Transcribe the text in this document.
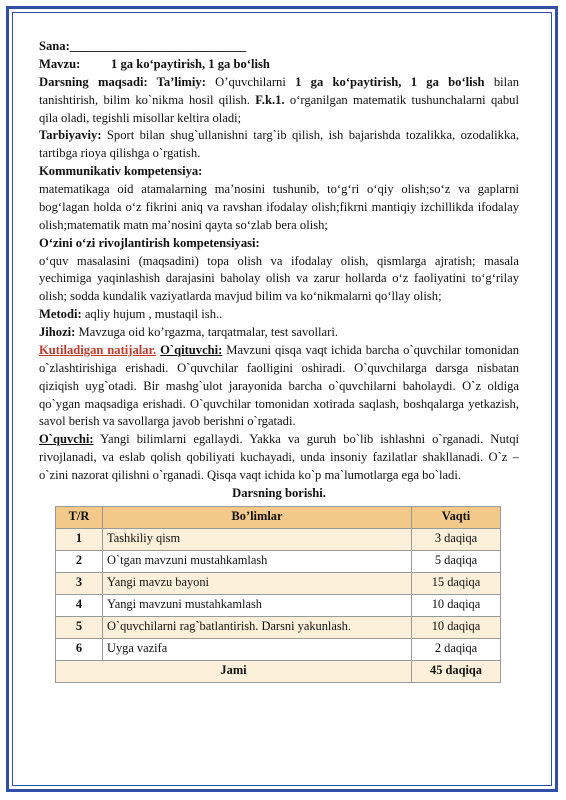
Sana:____________________________

Mavzu:	1 ga ko‘paytirish, 1 ga bo‘lish

Darsning maqsadi: Ta’limiy: O’quvchilarni 1 ga ko‘paytirish, 1 ga bo‘lish bilan tanishtirish, bilim ko`nikma hosil qilish. F.k.1. o‘rganilgan matematik tushunchalarni qabul qila oladi, tegishli misollar keltira oladi;

Tarbiyaviy: Sport bilan shug`ullanishni targ`ib qilish, ish bajarishda tozalikka, ozodalikka, tartibga rioya qilishga o`rgatish.

Kommunikativ kompetensiya:

matematikaga oid atamalarning ma’nosini tushunib, to‘g‘ri o‘qiy olish;so‘z va gaplarni bog‘lagan holda o‘z fikrini aniq va ravshan ifodalay olish;fikrni mantiqiy izchillikda ifodalay olish;matematik matn ma’nosini qayta so‘zlab bera olish;

O‘zini o‘zi rivojlantirish kompetensiyasi:

o‘quv masalasini (maqsadini) topa olish va ifodalay olish, qismlarga ajratish; masala yechimiga yaqinlashish darajasini baholay olish va zarur hollarda o‘z faoliyatini to‘g‘rilay olish; sodda kundalik vaziyatlarda mavjud bilim va ko‘nikmalarni qo‘llay olish;

Metodi: aqliy hujum , mustaqil ish..

Jihozi: Mavzuga oid ko’rgazma, tarqatmalar, test savollari.

Kutiladigan natijalar. O`qituvchi: Mavzuni qisqa vaqt ichida barcha o`quvchilar tomonidan o`zlashtirishiga erishadi. O`quvchilar faolligini oshiradi. O`quvchilarga darsga nisbatan qiziqish uyg`otadi. Bir mashg`ulot jarayonida barcha o`quvchilarni baholaydi. O`z oldiga qo`ygan maqsadiga erishadi. O`quvchilar tomonidan xotirada saqlash, boshqalarga yetkazish, savol berish va savollarga javob berishni o`rgatadi.

O`quvchi: Yangi bilimlarni egallaydi. Yakka va guruh bo`lib ishlashni o`rganadi. Nutqi rivojlanadi, va eslab qolish qobiliyati kuchayadi, unda insoniy fazilatlar shakllanadi. O`z – o`zini nazorat qilishni o`rganadi. Qisqa vaqt ichida ko`p ma`lumotlarga ega bo`ladi.

Darsning borishi.

T/R	Bo’limlar	Vaqti
1	Tashkiliy qism	3 daqiqa
2	O`tgan mavzuni mustahkamlash	5 daqiqa
3	Yangi mavzu bayoni	15 daqiqa
4	Yangi mavzuni mustahkamlash	10 daqiqa
5	O`quvchilarni rag`batlantirish. Darsni yakunlash.	10 daqiqa
6	Uyga vazifa	2 daqiqa
Jami		45 daqiqa
